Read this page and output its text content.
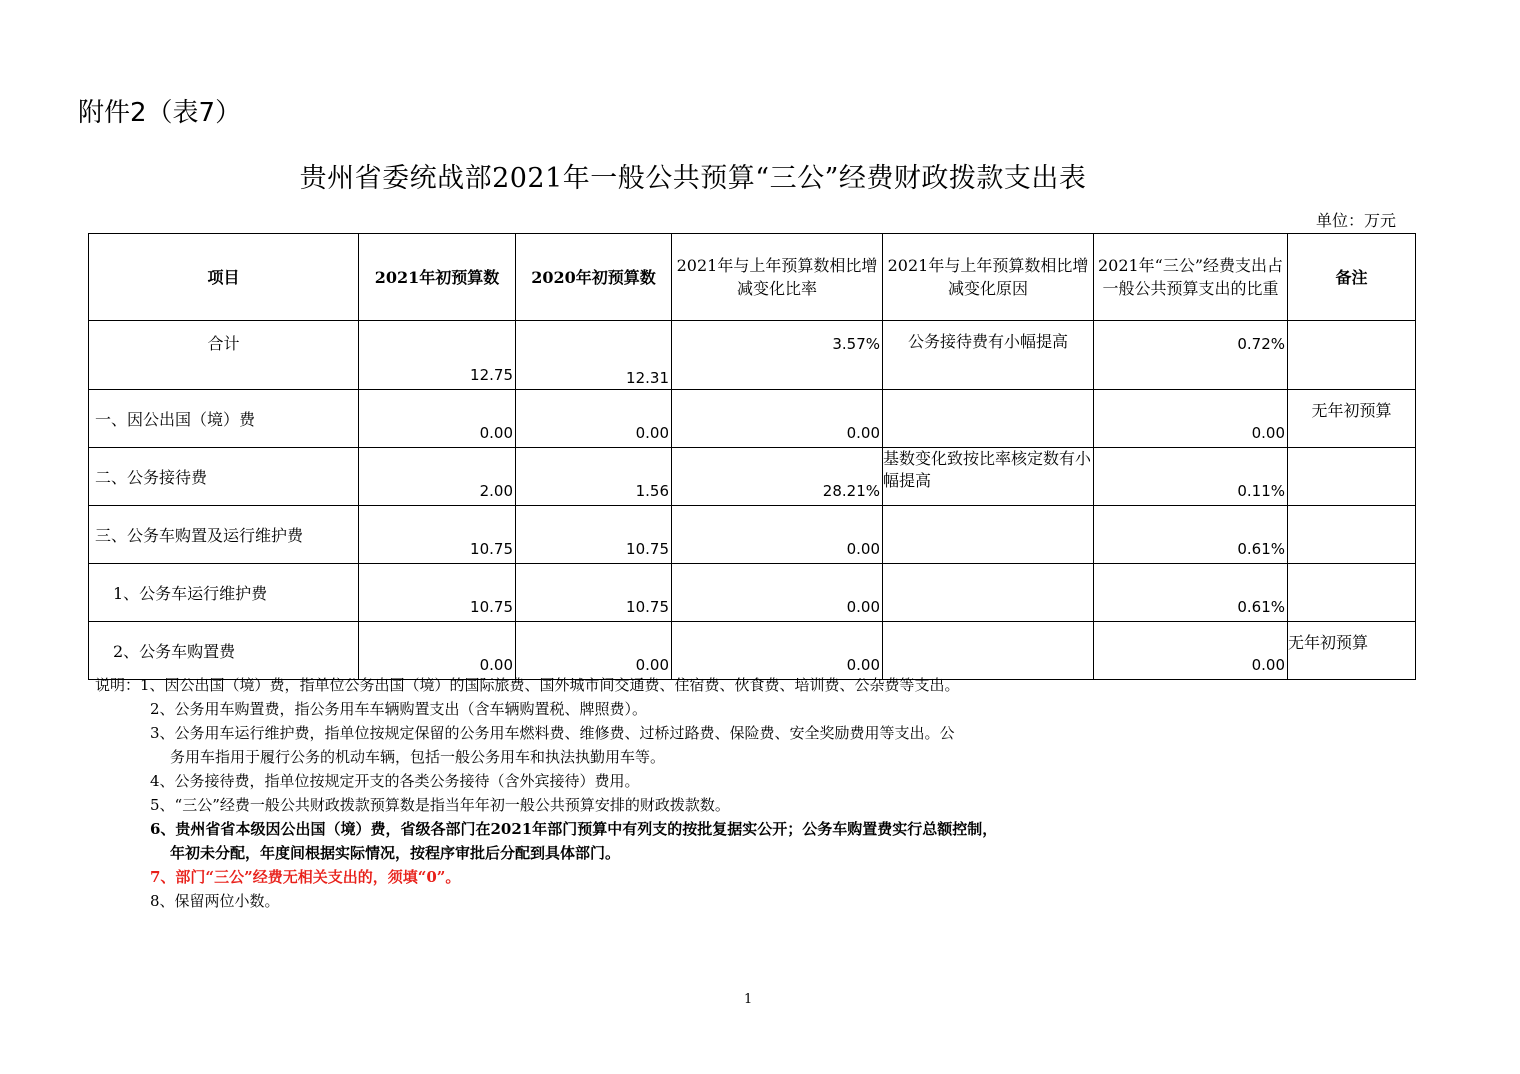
附件2（表7）
贵州省委统战部2021年一般公共预算“三公”经费财政拨款支出表
单位：万元
项目	2021年初预算数	2020年初预算数	2021年与上年预算数相比增减变化比率	2021年与上年预算数相比增减变化原因	2021年“三公”经费支出占一般公共预算支出的比重	备注
合计	12.75	12.31	3.57%	公务接待费有小幅提高	0.72%	
一、因公出国（境）费	0.00	0.00	0.00		0.00	无年初预算
二、公务接待费	2.00	1.56	28.21%	基数变化致按比率核定数有小幅提高	0.11%	
三、公务车购置及运行维护费	10.75	10.75	0.00		0.61%	
1、公务车运行维护费	10.75	10.75	0.00		0.61%	
2、公务车购置费	0.00	0.00	0.00		0.00	无年初预算
说明：1、因公出国（境）费，指单位公务出国（境）的国际旅费、国外城市间交通费、住宿费、伙食费、培训费、公杂费等支出。
2、公务用车购置费，指公务用车车辆购置支出（含车辆购置税、牌照费）。
3、公务用车运行维护费，指单位按规定保留的公务用车燃料费、维修费、过桥过路费、保险费、安全奖励费用等支出。公
务用车指用于履行公务的机动车辆，包括一般公务用车和执法执勤用车等。
4、公务接待费，指单位按规定开支的各类公务接待（含外宾接待）费用。
5、“三公”经费一般公共财政拨款预算数是指当年年初一般公共预算安排的财政拨款数。
6、贵州省省本级因公出国（境）费，省级各部门在2021年部门预算中有列支的按批复据实公开；公务车购置费实行总额控制，
年初未分配，年度间根据实际情况，按程序审批后分配到具体部门。
7、部门“三公”经费无相关支出的，须填“0”。
8、保留两位小数。
1
